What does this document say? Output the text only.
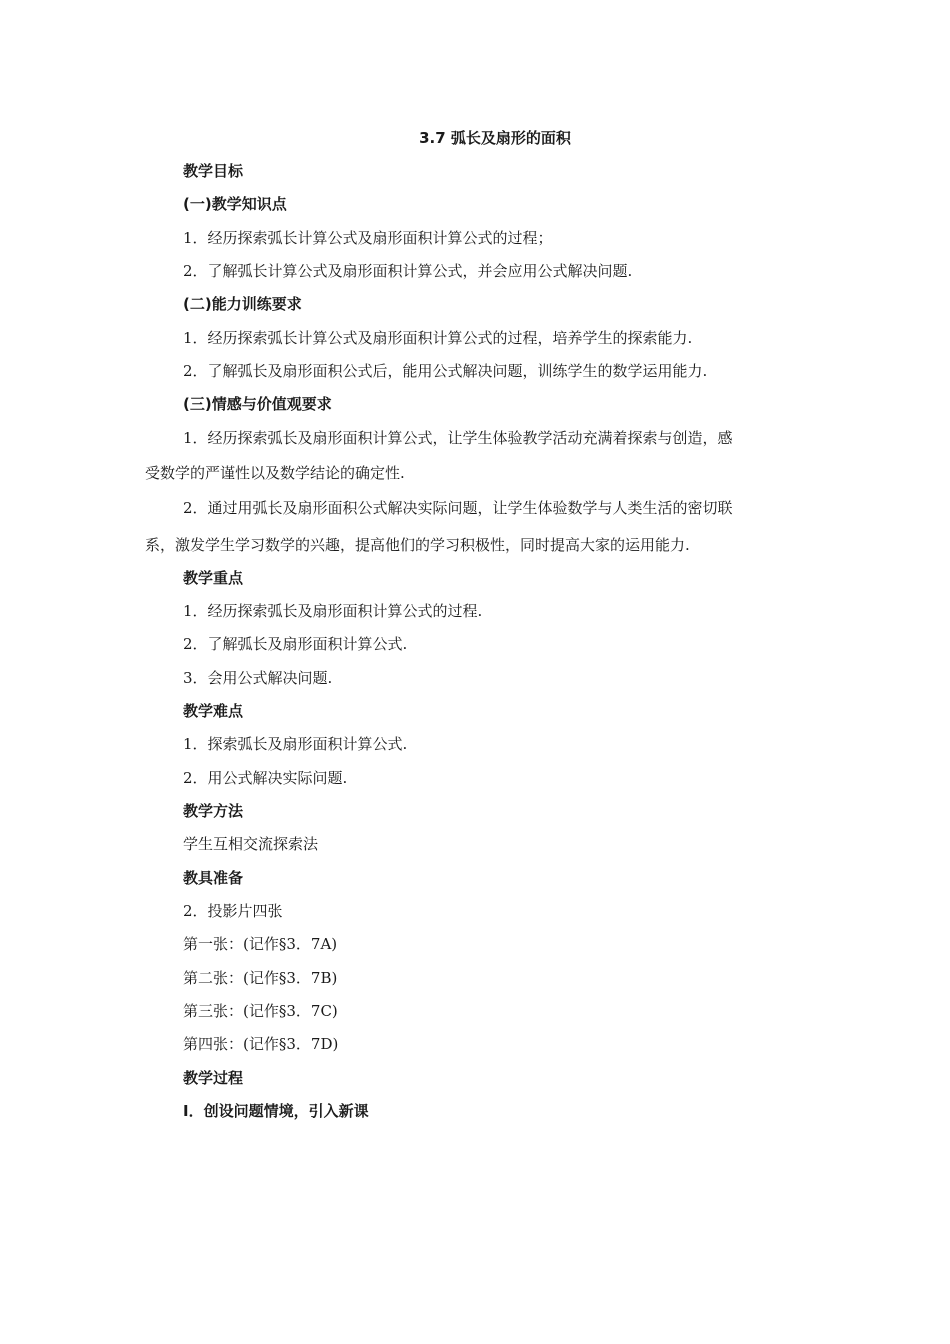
3.7 弧长及扇形的面积
教学目标
(一)教学知识点
1．经历探索弧长计算公式及扇形面积计算公式的过程；
2．了解弧长计算公式及扇形面积计算公式，并会应用公式解决问题.
(二)能力训练要求
1．经历探索弧长计算公式及扇形面积计算公式的过程，培养学生的探索能力.
2．了解弧长及扇形面积公式后，能用公式解决问题，训练学生的数学运用能力.
(三)情感与价值观要求
1．经历探索弧长及扇形面积计算公式，让学生体验教学活动充满着探索与创造，感
受数学的严谨性以及数学结论的确定性.
2．通过用弧长及扇形面积公式解决实际问题，让学生体验数学与人类生活的密切联
系，激发学生学习数学的兴趣，提高他们的学习积极性，同时提高大家的运用能力.
教学重点
1．经历探索弧长及扇形面积计算公式的过程.
2．了解弧长及扇形面积计算公式.
3．会用公式解决问题.
教学难点
1．探索弧长及扇形面积计算公式.
2．用公式解决实际问题.
教学方法
学生互相交流探索法
教具准备
2．投影片四张
第一张：(记作§3．7A)
第二张：(记作§3．7B)
第三张：(记作§3．7C)
第四张：(记作§3．7D)
教学过程
Ⅰ．创设问题情境，引入新课
